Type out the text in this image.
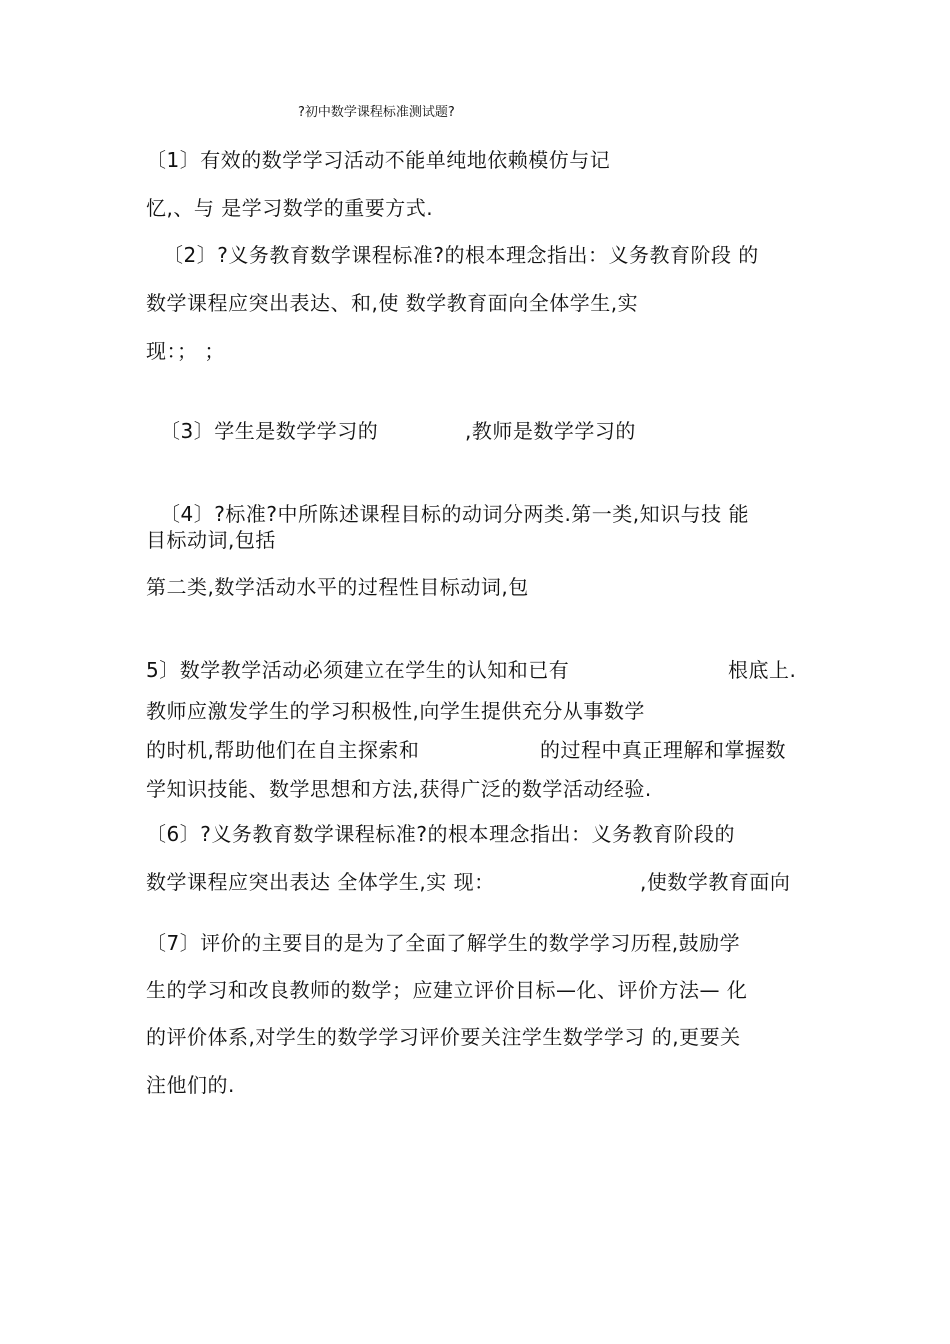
?初中数学课程标准测试题?
〔1〕有效的数学学习活动不能单纯地依赖模仿与记
忆,、与 是学习数学的重要方式.
〔2〕?义务教育数学课程标准?的根本理念指出：义务教育阶段 的
数学课程应突出表达、和,使 数学教育面向全体学生,实
现：； ；
〔3〕学生是数学学习的	,教师是数学学习的
〔4〕?标准?中所陈述课程目标的动词分两类.第一类,知识与技 能
目标动词,包括
第二类,数学活动水平的过程性目标动词,包
5〕数学教学活动必须建立在学生的认知和已有	根底上.
教师应激发学生的学习积极性,向学生提供充分从事数学
的时机,帮助他们在自主探索和	的过程中真正理解和掌握数
学知识技能、数学思想和方法,获得广泛的数学活动经验.
〔6〕?义务教育数学课程标准?的根本理念指出：义务教育阶段的
数学课程应突出表达 全体学生,实 现：	,使数学教育面向
〔7〕评价的主要目的是为了全面了解学生的数学学习历程,鼓励学
生的学习和改良教师的数学；应建立评价目标—化、评价方法— 化
的评价体系,对学生的数学学习评价要关注学生数学学习 的,更要关
注他们的.
